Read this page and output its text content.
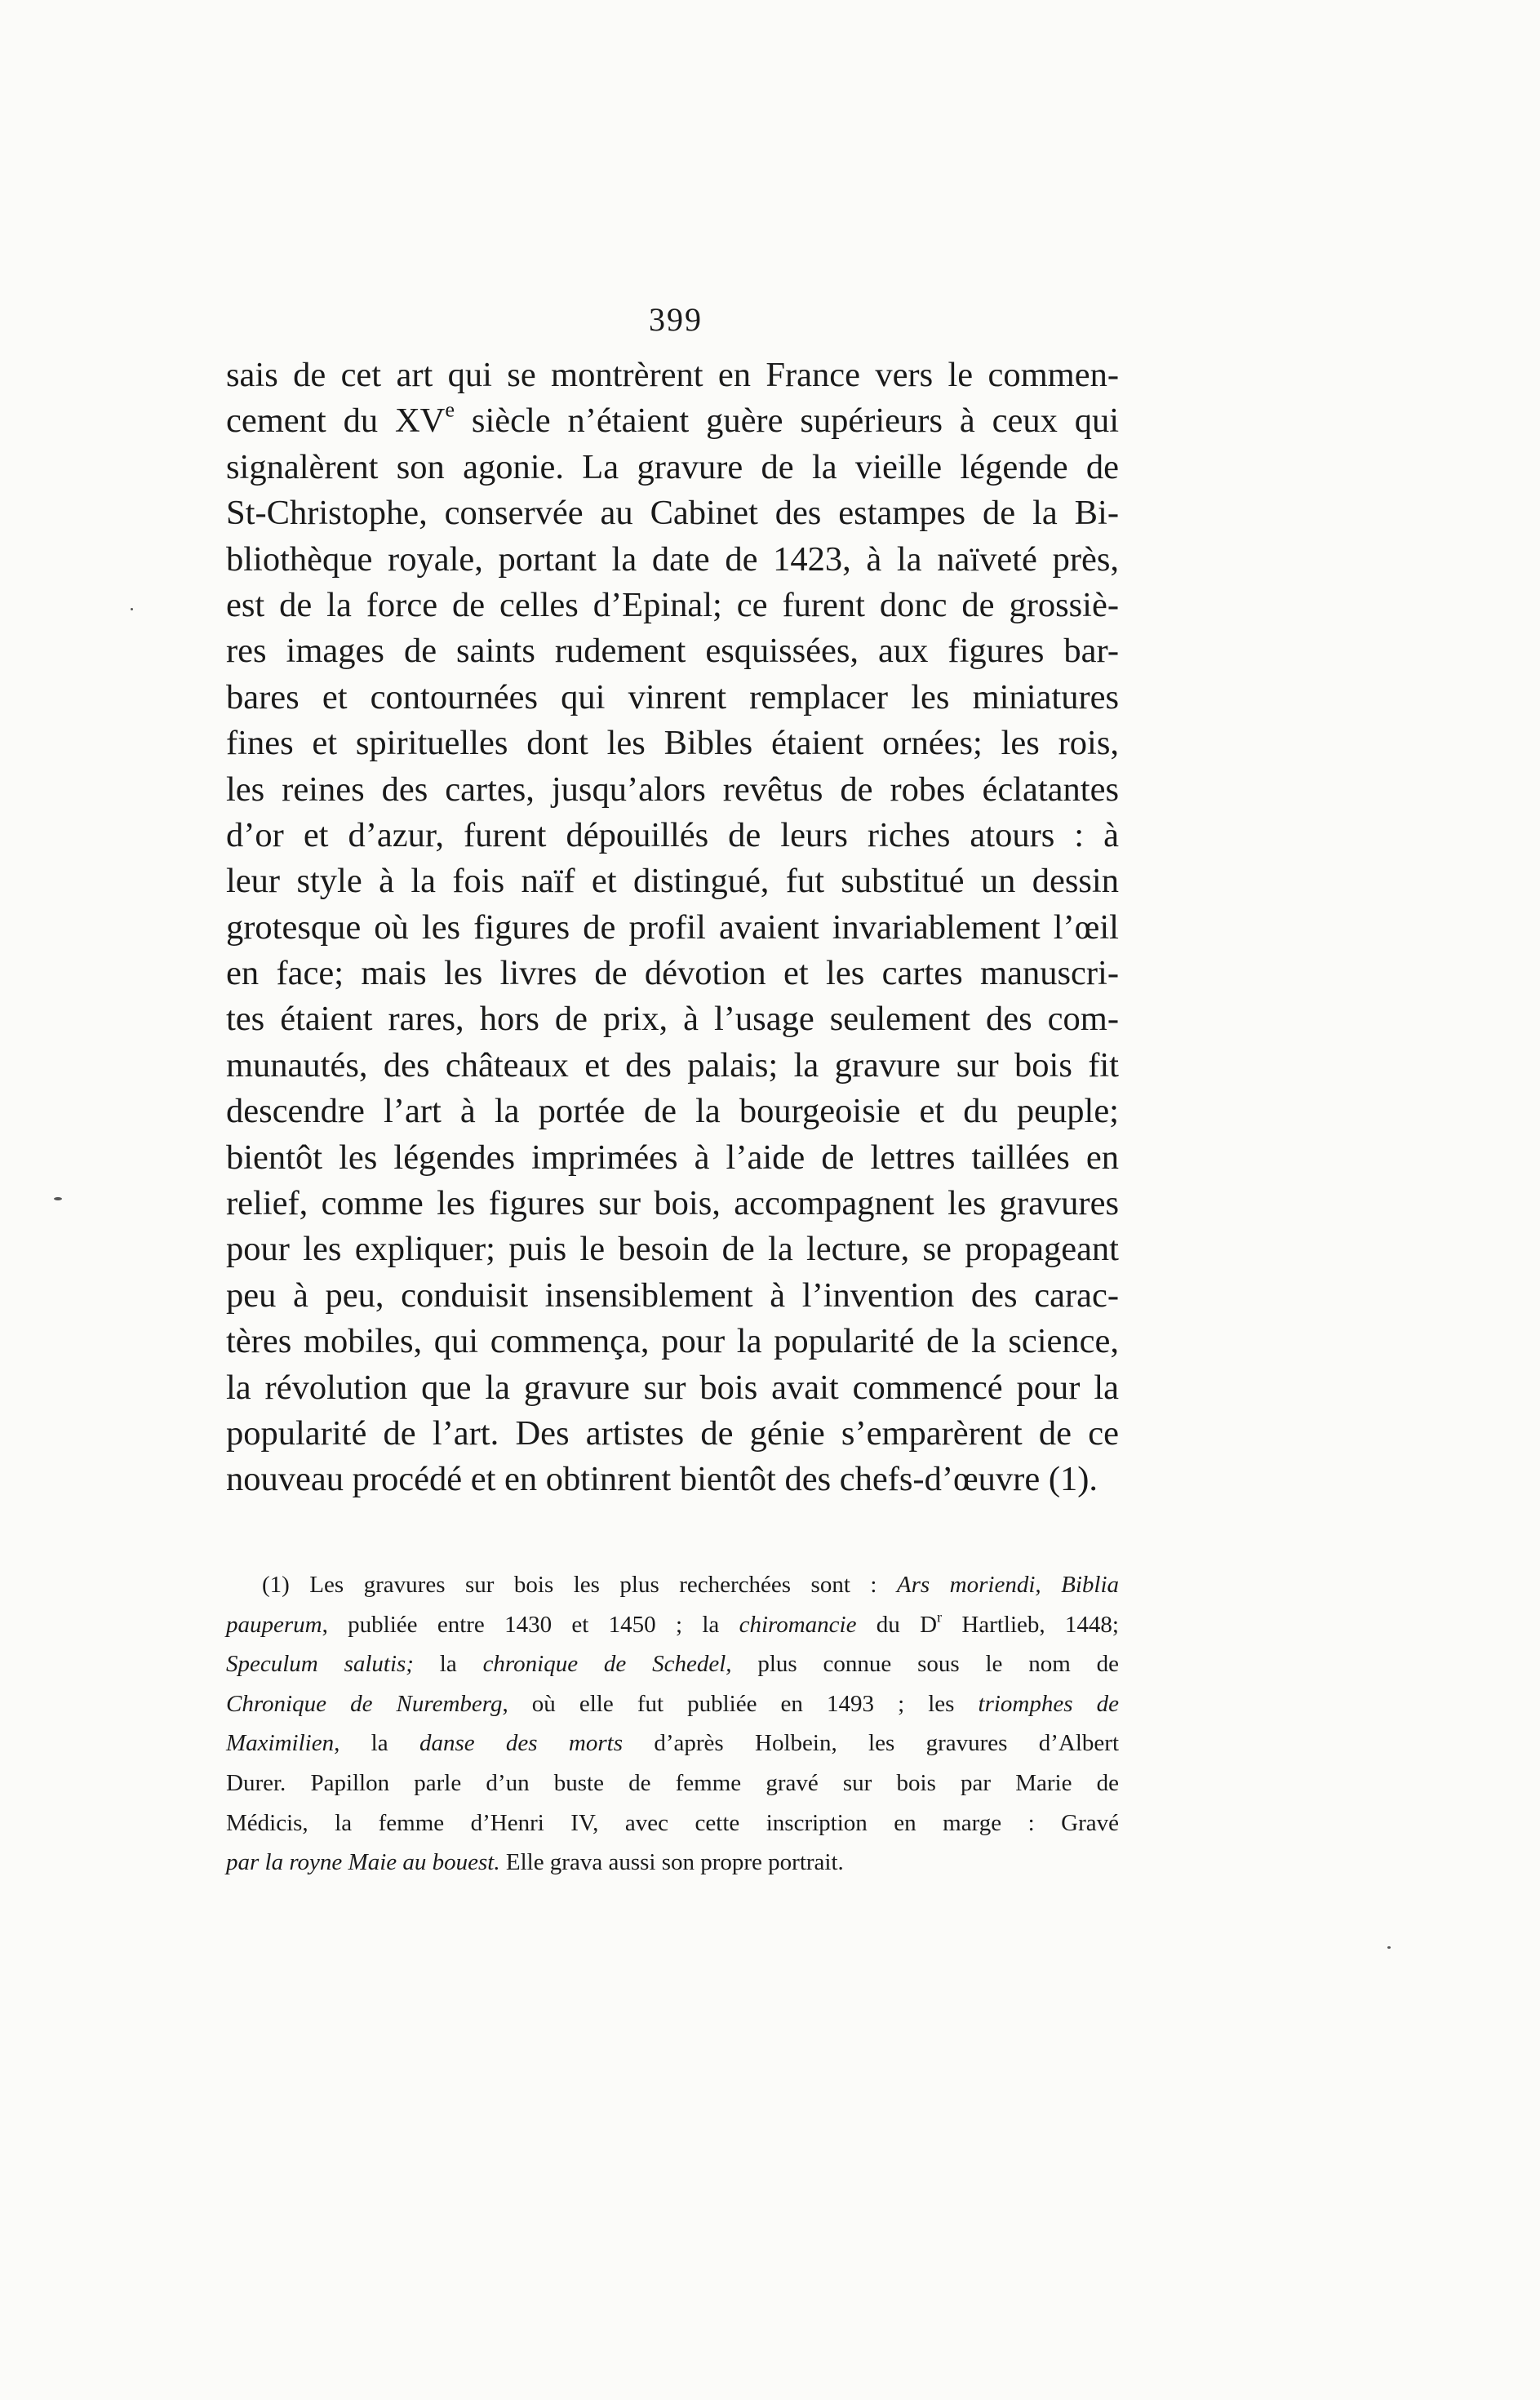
399
sais de cet art qui se montrèrent en France vers le commen-
cement du XVe siècle n’étaient guère supérieurs à ceux qui
signalèrent son agonie. La gravure de la vieille légende de
St-Christophe, conservée au Cabinet des estampes de la Bi-
bliothèque royale, portant la date de 1423, à la naïveté près,
est de la force de celles d’Epinal; ce furent donc de grossiè-
res images de saints rudement esquissées, aux figures bar-
bares et contournées qui vinrent remplacer les miniatures
fines et spirituelles dont les Bibles étaient ornées; les rois,
les reines des cartes, jusqu’alors revêtus de robes éclatantes
d’or et d’azur, furent dépouillés de leurs riches atours : à
leur style à la fois naïf et distingué, fut substitué un dessin
grotesque où les figures de profil avaient invariablement l’œil
en face; mais les livres de dévotion et les cartes manuscri-
tes étaient rares, hors de prix, à l’usage seulement des com-
munautés, des châteaux et des palais; la gravure sur bois fit
descendre l’art à la portée de la bourgeoisie et du peuple;
bientôt les légendes imprimées à l’aide de lettres taillées en
relief, comme les figures sur bois, accompagnent les gravures
pour les expliquer; puis le besoin de la lecture, se propageant
peu à peu, conduisit insensiblement à l’invention des carac-
tères mobiles, qui commença, pour la popularité de la science,
la révolution que la gravure sur bois avait commencé pour la
popularité de l’art. Des artistes de génie s’emparèrent de ce
nouveau procédé et en obtinrent bientôt des chefs-d’œuvre (1).
(1) Les gravures sur bois les plus recherchées sont : Ars moriendi, Biblia
pauperum, publiée entre 1430 et 1450 ; la chiromancie du $D^r$ Hartlieb, 1448;
Speculum salutis; la chronique de Schedel, plus connue sous le nom de
Chronique de Nuremberg, où elle fut publiée en 1493 ; les triomphes de
Maximilien, la danse des morts d’après Holbein, les gravures d’Albert
Durer. Papillon parle d’un buste de femme gravé sur bois par Marie de
Médicis, la femme d’Henri IV, avec cette inscription en marge : Gravé
par la royne Maie au bouest. Elle grava aussi son propre portrait.
